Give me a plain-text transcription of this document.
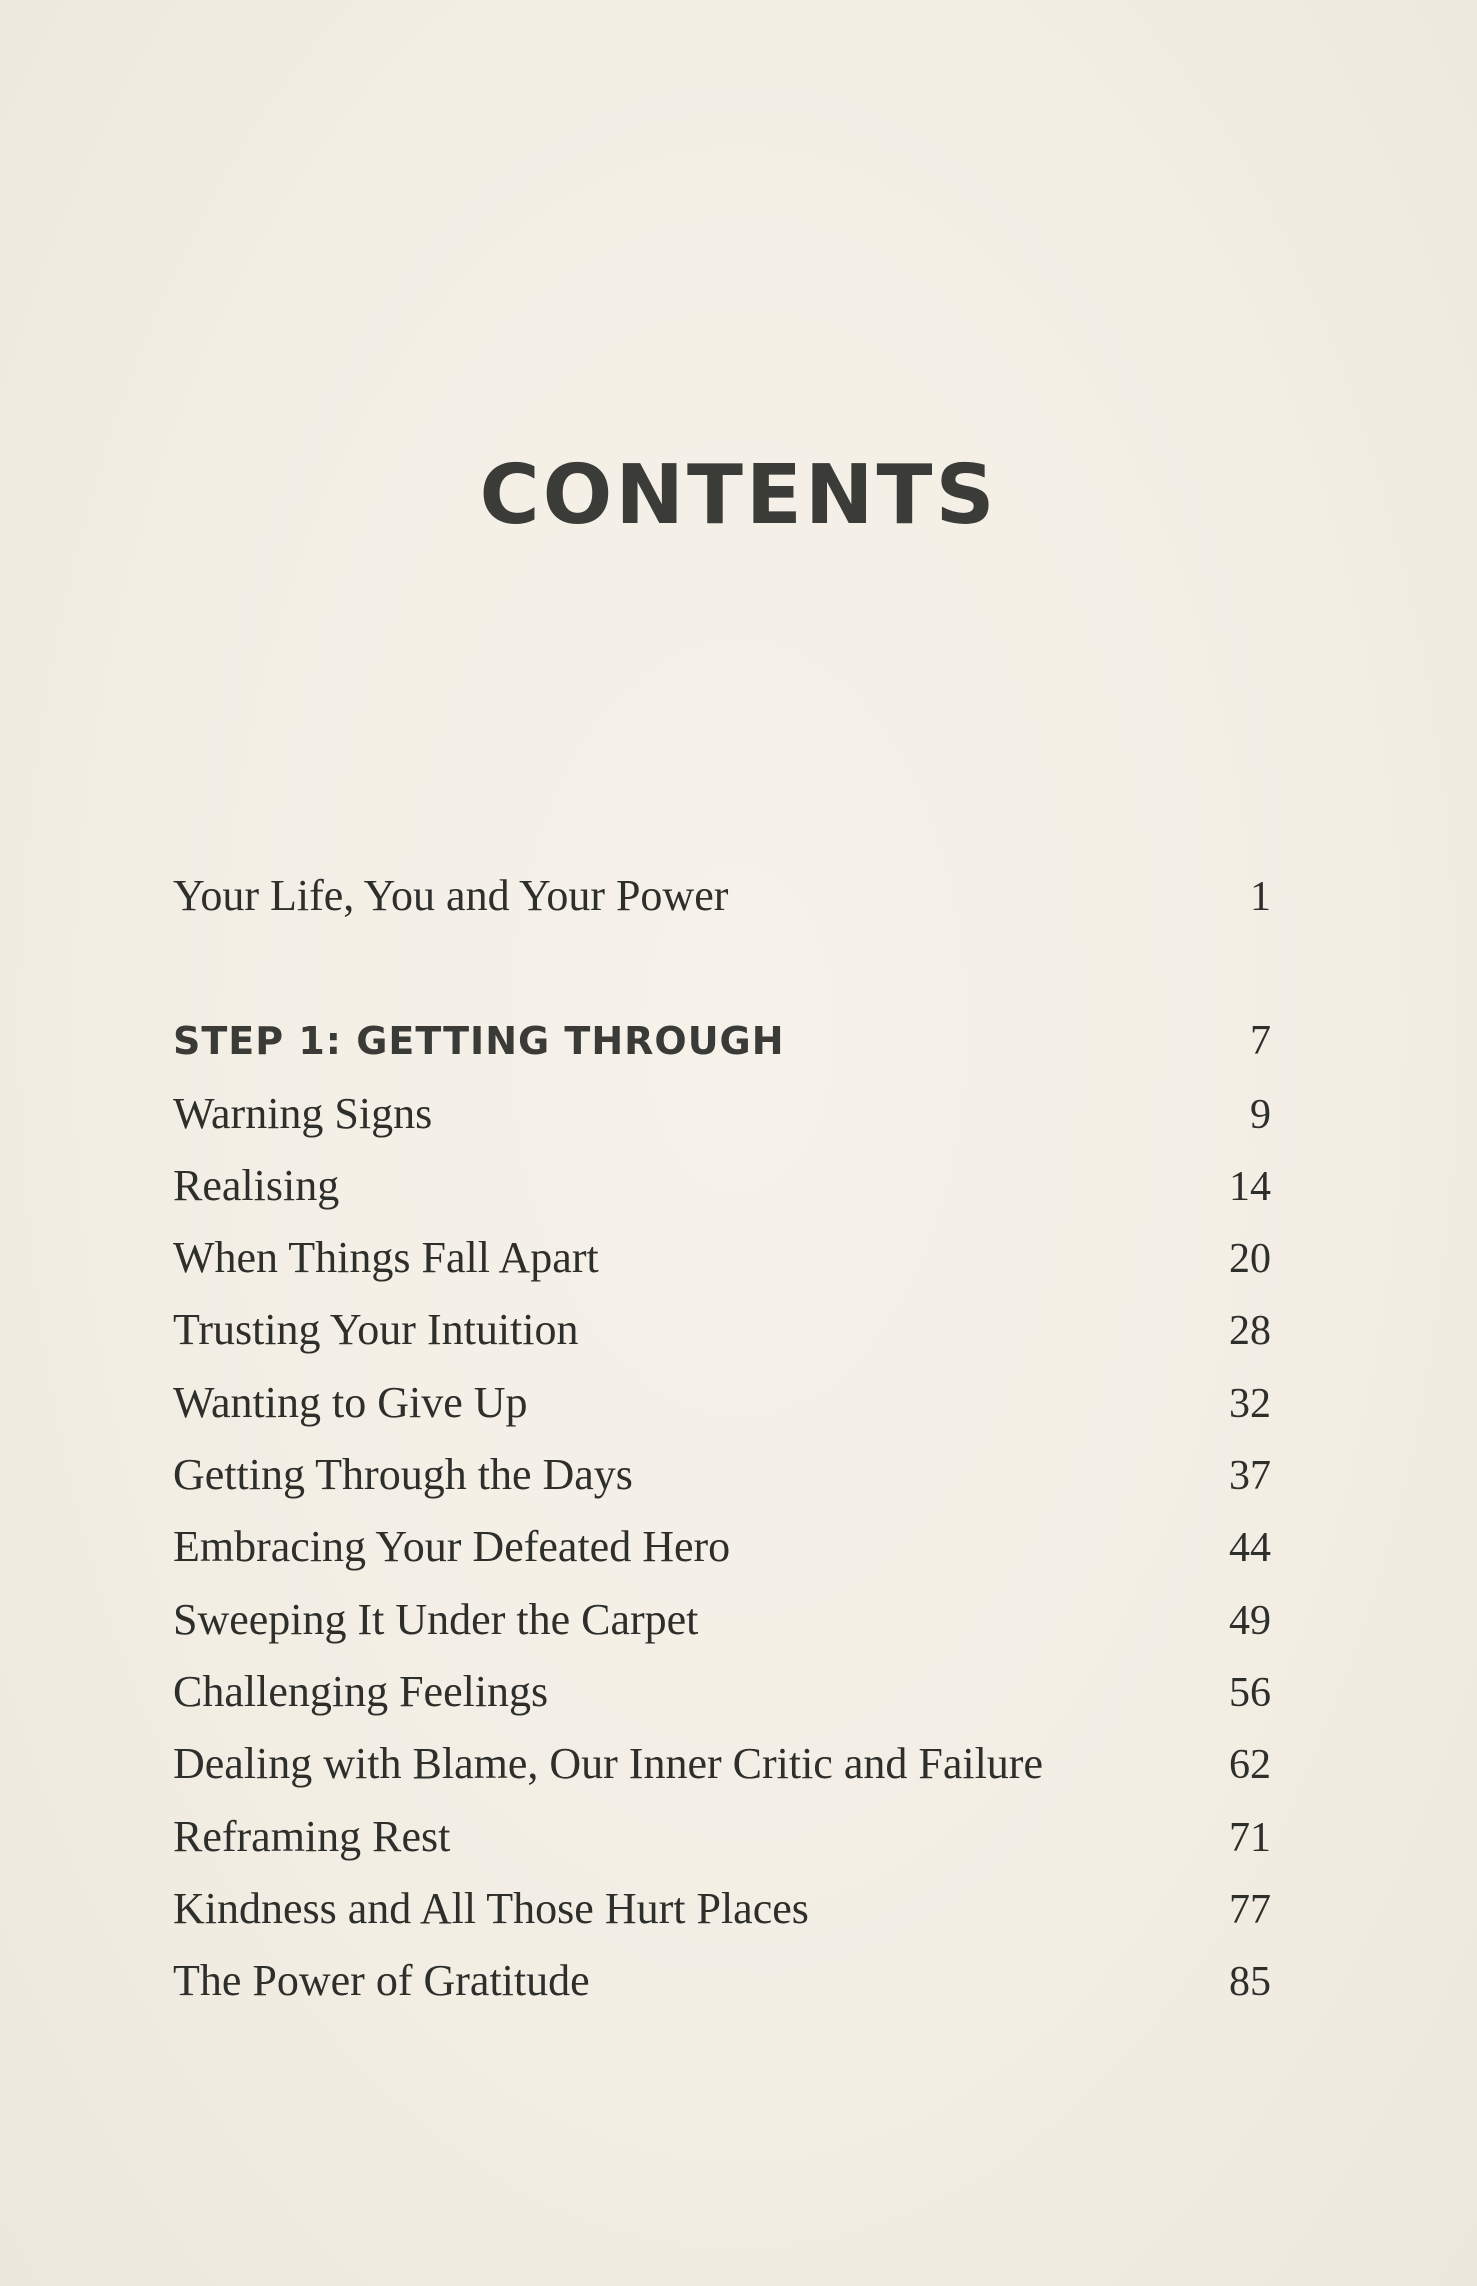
CONTENTS
Your Life, You and Your Power	1
STEP 1: GETTING THROUGH	7
Warning Signs	9
Realising	14
When Things Fall Apart	20
Trusting Your Intuition	28
Wanting to Give Up	32
Getting Through the Days	37
Embracing Your Defeated Hero	44
Sweeping It Under the Carpet	49
Challenging Feelings	56
Dealing with Blame, Our Inner Critic and Failure	62
Reframing Rest	71
Kindness and All Those Hurt Places	77
The Power of Gratitude	85
